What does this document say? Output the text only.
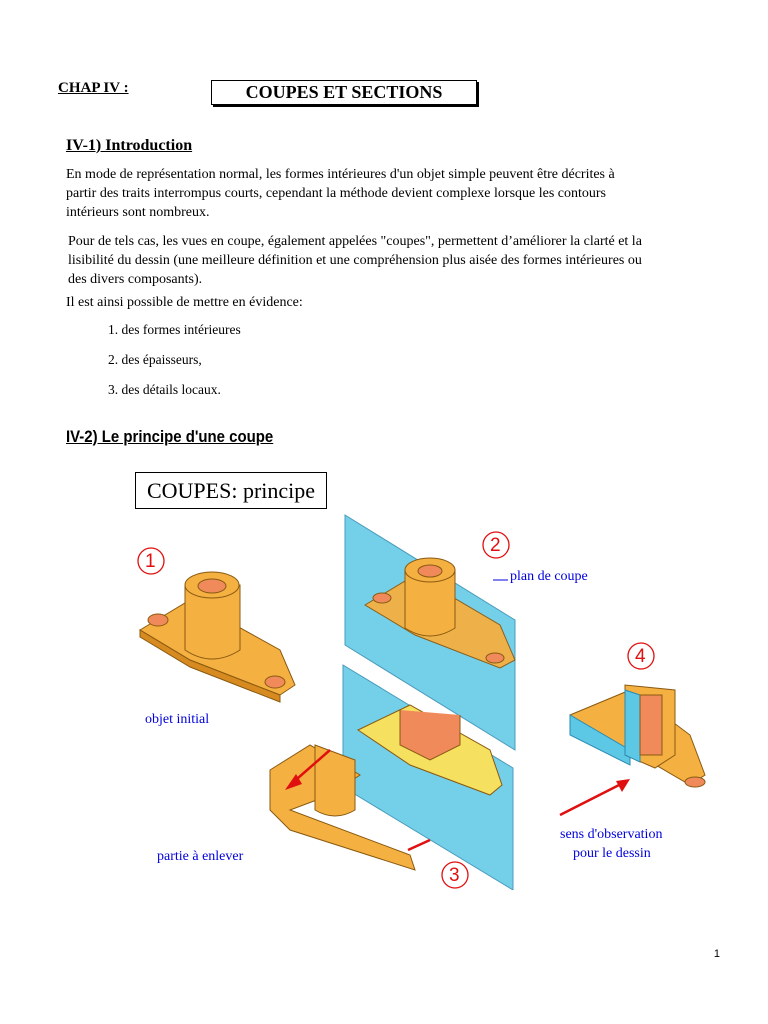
CHAP IV :	COUPES ET SECTIONS
IV-1) Introduction
En mode de représentation normal, les formes intérieures d'un objet simple peuvent être décrites à partir des traits interrompus courts, cependant la méthode devient complexe lorsque les contours intérieurs sont nombreux.
Pour de tels cas, les vues en coupe, également appelées "coupes", permettent d’améliorer la clarté et la lisibilité du dessin (une meilleure définition et une compréhension plus aisée des formes intérieures ou des divers composants).
Il est ainsi possible de mettre en évidence:
1. des formes intérieures
2. des épaisseurs,
3. des détails locaux.
IV-2) Le principe d'une coupe
COUPES: principe
1
objet initial
2
plan de coupe
3
partie à enlever
4
sens d'observation
pour le dessin
1
